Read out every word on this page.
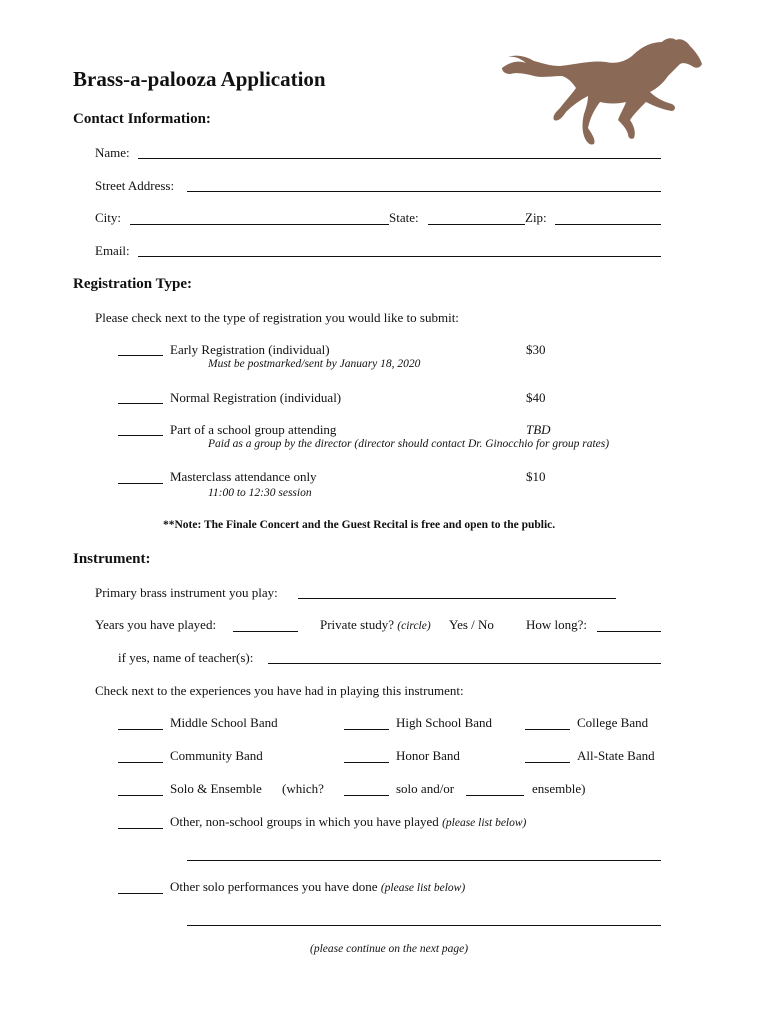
Brass-a-palooza Application
Contact Information:
Name:
Street Address:
City:	State:	Zip:
Email:
Registration Type:
Please check next to the type of registration you would like to submit:
Early Registration (individual)	$30
Must be postmarked/sent by January 18, 2020
Normal Registration (individual)	$40
Part of a school group attending	TBD
Paid as a group by the director (director should contact Dr. Ginocchio for group rates)
Masterclass attendance only	$10
11:00 to 12:30 session
**Note: The Finale Concert and the Guest Recital is free and open to the public.
Instrument:
Primary brass instrument you play:
Years you have played:	Private study? (circle) Yes / No How long?:
if yes, name of teacher(s):
Check next to the experiences you have had in playing this instrument:
Middle School Band	High School Band	College Band
Community Band	Honor Band	All-State Band
Solo & Ensemble (which?	solo and/or	ensemble)
Other, non-school groups in which you have played (please list below)
Other solo performances you have done (please list below)
(please continue on the next page)
